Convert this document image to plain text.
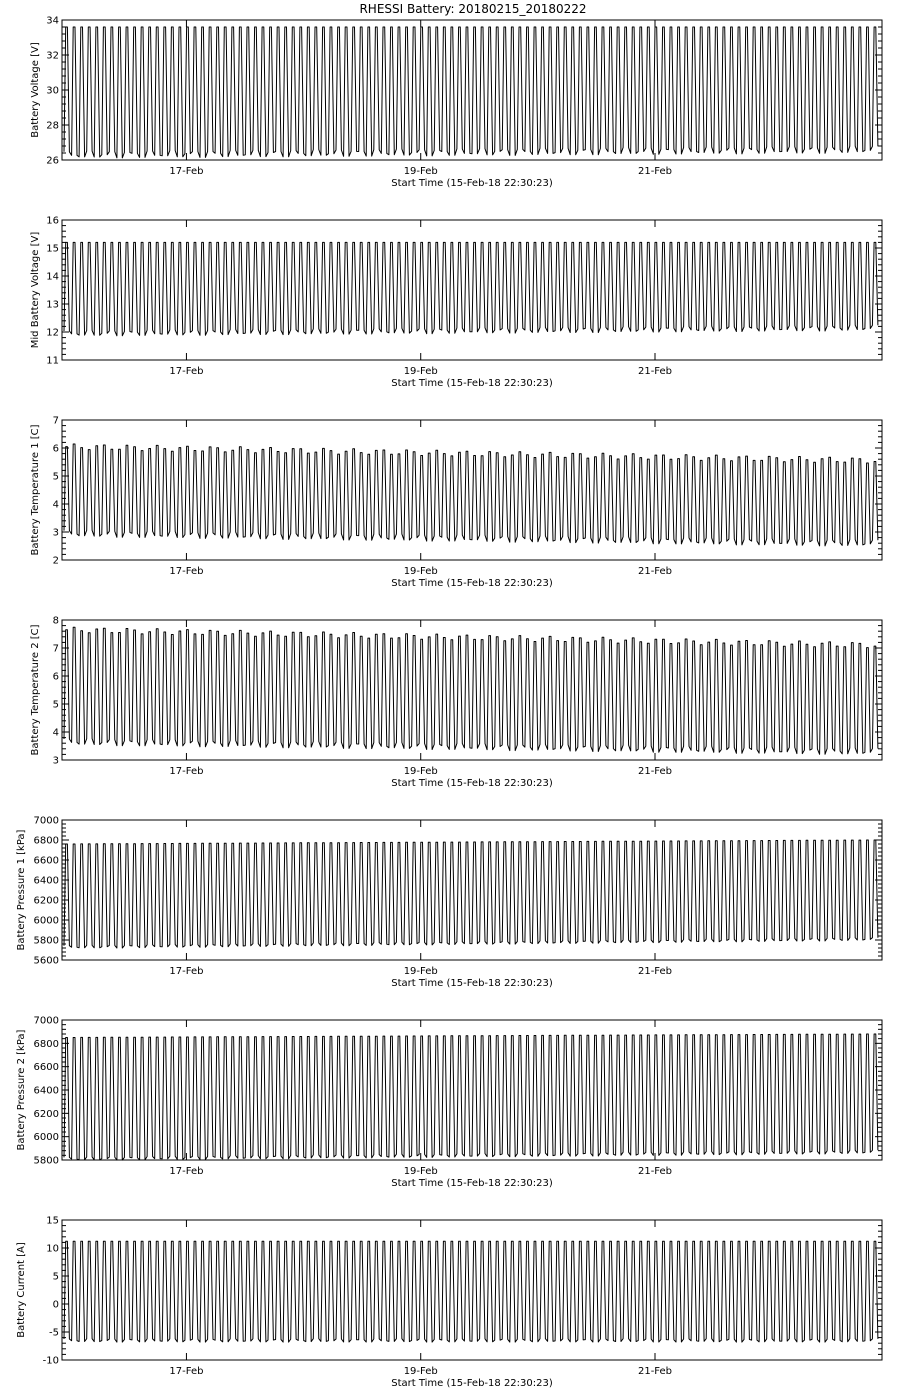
RHESSI Battery: 20180215_20180222
26
28
30
32
34
17-Feb	19-Feb	21-Feb
Start Time (15-Feb-18 22:30:23)
Battery Voltage [V]
11
12
13
14
15
16
17-Feb	19-Feb	21-Feb
Start Time (15-Feb-18 22:30:23)
Mid Battery Voltage [V]
2
3
4
5
6
7
17-Feb	19-Feb	21-Feb
Start Time (15-Feb-18 22:30:23)
Battery Temperature 1 [C]
3
4
5
6
7
8
17-Feb	19-Feb	21-Feb
Start Time (15-Feb-18 22:30:23)
Battery Temperature 2 [C]
5600
5800
6000
6200
6400
6600
6800
7000
17-Feb	19-Feb	21-Feb
Start Time (15-Feb-18 22:30:23)
Battery Pressure 1 [kPa]
5800
6000
6200
6400
6600
6800
7000
17-Feb	19-Feb	21-Feb
Start Time (15-Feb-18 22:30:23)
Battery Pressure 2 [kPa]
-10
-5
0
5
10
15
17-Feb	19-Feb	21-Feb
Start Time (15-Feb-18 22:30:23)
Battery Current [A]
